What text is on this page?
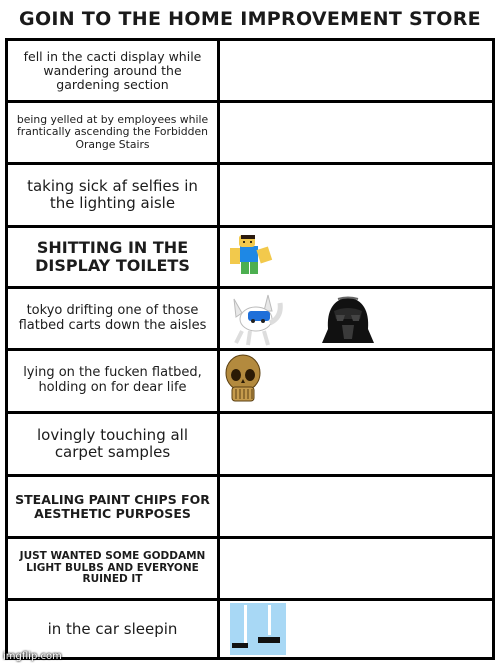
GOIN TO THE HOME IMPROVEMENT STORE
fell in the cacti display while wandering around the gardening section
being yelled at by employees while frantically ascending the Forbidden Orange Stairs
taking sick af selfies in the lighting aisle
SHITTING IN THE DISPLAY TOILETS
tokyo drifting one of those flatbed carts down the aisles
lying on the fucken flatbed, holding on for dear life
lovingly touching all carpet samples
STEALING PAINT CHIPS FOR AESTHETIC PURPOSES
JUST WANTED SOME GODDAMN LIGHT BULBS AND EVERYONE RUINED IT
in the car sleepin
imgflip.com
